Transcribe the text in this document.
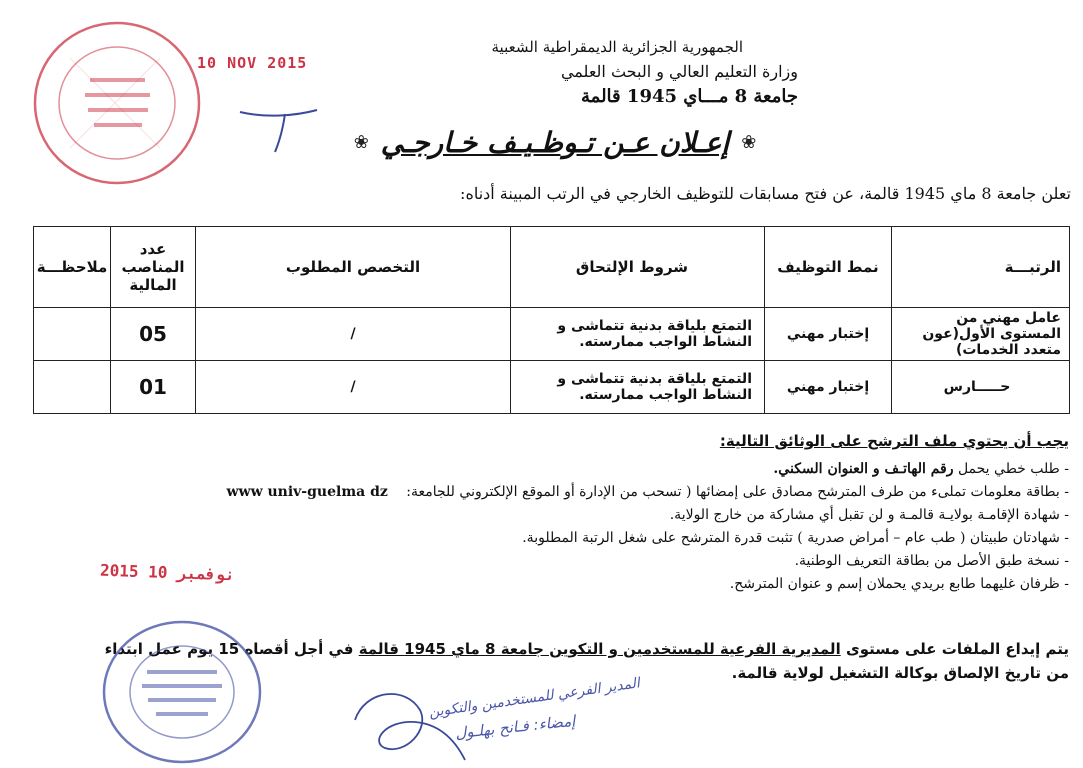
الجمهورية الجزائرية الديمقراطية الشعبية
وزارة التعليم العالي و البحث العلمي
جامعة 8 مـــاي 1945 قالمة
10 NOV 2015
❀
إعـلان عـن تـوظـيـف خـارجـي
❀
تعلن جامعة 8 ماي 1945 قالمة، عن فتح مسابقات للتوظيف الخارجي في الرتب المبينة أدناه:
الرتبـــة	نمط التوظيف	شروط الإلتحاق	التخصص المطلوب	عدد المناصب المالية	ملاحظـــة
عامل مهني من المستوى الأول(عون متعدد الخدمات)	إختبار مهني	التمتع بلياقة بدنية تتماشى و النشاط الواجب ممارسته.	/	05	
حـــــارس	إختبار مهني	التمتع بلياقة بدنية تتماشى و النشاط الواجب ممارسته.	/	01	
يجب أن يحتوي ملف الترشح على الوثائق التالية:
- طلب خطي يحمل رقم الهاتـف و العنوان السكني.
- بطاقة معلومات تملىء من طرف المترشح مصادق على إمضائها ( تسحب من الإدارة أو الموقع الإلكتروني للجامعة: www univ-guelma dz
- شهادة الإقامـة بولايـة قالمـة و لن تقبل أي مشاركة من خارج الولاية.
- شهادتان طبيتان ( طب عام – أمراض صدرية ) تثبت قدرة المترشح على شغل الرتبة المطلوبة.
- نسخة طبق الأصل من بطاقة التعريف الوطنية.
- ظرفان غليهما طابع بريدي يحملان إسم و عنوان المترشح.
2015 نوفمبر 10
يتم إيداع الملفات على مستوى المديرية الفرعية للمستخدمين و التكوين جامعة 8 ماي 1945 قالمة في أجل أقصاه 15 يوم عمل ابتداء من تاريخ الإلصاق بوكالة التشغيل لولاية قالمة.
المدير الفرعي للمستخدمين والتكوين
إمضاء: فـانح بهلـول
